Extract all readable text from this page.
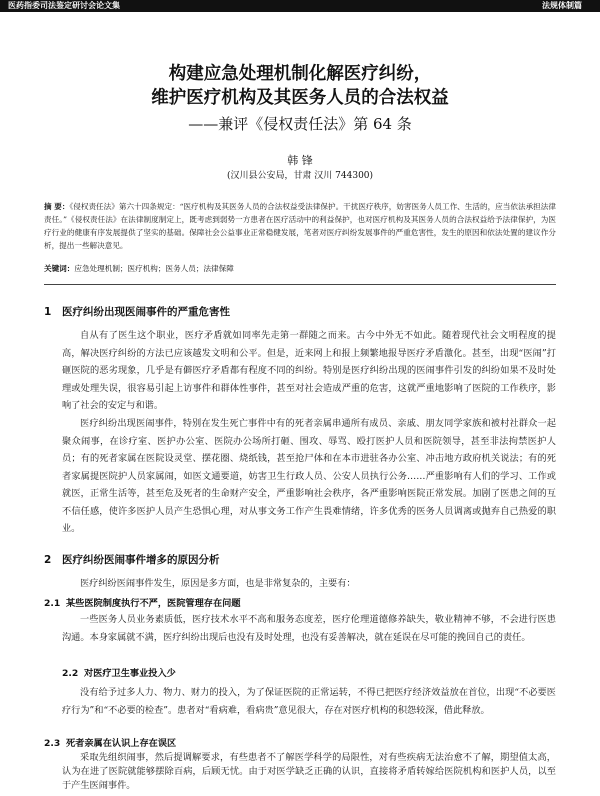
医药指委司法鉴定研讨会论文集	法规体制篇
构建应急处理机制化解医疗纠纷，
维护医疗机构及其医务人员的合法权益
——兼评《侵权责任法》第 64 条
韩 锋
(汉川县公安局，甘肃 汉川 744300)
摘 要：《侵权责任法》第六十四条规定：“医疗机构及其医务人员的合法权益受法律保护。干扰医疗秩序，妨害医务人员工作、生活的，应当依法承担法律责任。”《侵权责任法》在法律制度制定上，既考虑到弱势一方患者在医疗活动中的利益保护，也对医疗机构及其医务人员的合法权益给予法律保护，为医疗行业的健康有序发展提供了坚实的基础。保障社会公益事业正常稳健发展，笔者对医疗纠纷发展事件的严重危害性，发生的原因和依法处置的建议作分析，提出一些解决意见。
关键词：应急处理机制；医疗机构；医务人员；法律保障
1 医疗纠纷出现医闹事件的严重危害性
自从有了医生这个职业，医疗矛盾就如同率先走第一群随之而来。古今中外无不如此。随着现代社会文明程度的提高，解决医疗纠纷的方法已应该越发文明和公平。但是，近来网上和报上频繁地报导医疗矛盾激化。甚至，出现“医闹”打砸医院的恶劣现象，几乎是有僻医疗矛盾都有程度不同的纠纷。特别是医疗纠纷出现的医闹事件引发的纠纷如果不及时处理或处理失误，很容易引起上访事件和群体性事件，甚至对社会造成严重的危害，这就严重地影响了医院的工作秩序，影响了社会的安定与和谐。
医疗纠纷出现医闹事件，特别在发生死亡事件中有的死者亲属串通所有成员、亲戚、朋友同学家族和被村社群众一起聚众闹事，在诊疗室、医护办公室、医院办公场所打砸、围攻、辱骂、殴打医护人员和医院领导，甚至非法拘禁医护人员；有的死者家属在医院设灵堂、摆花圈、烧纸钱，甚至抢尸体和在本市进驻各办公室、冲击地方政府机关说法；有的死者家属提医院护人员家属闹，如医文通要道，妨害卫生行政人员、公安人员执行公务……严重影响有人们的学习、工作或就医，正常生活等，甚至危及死者的生命财产安全，严重影响社会秩序，各严重影响医院正常发展。加剧了医患之间的互不信任感，使许多医护人员产生恐惧心理，对从事文务工作产生畏难情绪，许多优秀的医务人员调离或抛弃自己热爱的职业。
2 医疗纠纷医闹事件增多的原因分析
医疗纠纷医闹事件发生，原因是多方面，也是非常复杂的，主要有：
2.1 某些医院制度执行不严，医院管理存在问题
一些医务人员业务素质低，医疗技术水平不高和服务态度差，医疗伦理道德修养缺失，敬业精神不够，不会进行医患沟通。本身家属就不满，医疗纠纷出现后也没有及时处理，也没有妥善解决，就在延误在尽可能的挽回自己的责任。
2.2 对医疗卫生事业投入少
没有给予过多人力、物力、财力的投入，为了保证医院的正常运转，不得已把医疗经济效益放在首位，出现“不必要医疗行为”和“不必要的检查”。患者对“看病难，看病贵”意见很大，存在对医疗机构的积怨较深，借此释放。
2.3 死者亲属在认识上存在误区
采取先组织闹事，然后提调解要求，有些患者不了解医学科学的局限性，对有些疾病无法治愈不了解，期望值太高，认为在进了医院就能够摆除百病，后顾无忧。由于对医学缺乏正确的认识，直接将矛盾转嫁给医院机构和医护人员，以至于产生医闹事件。
